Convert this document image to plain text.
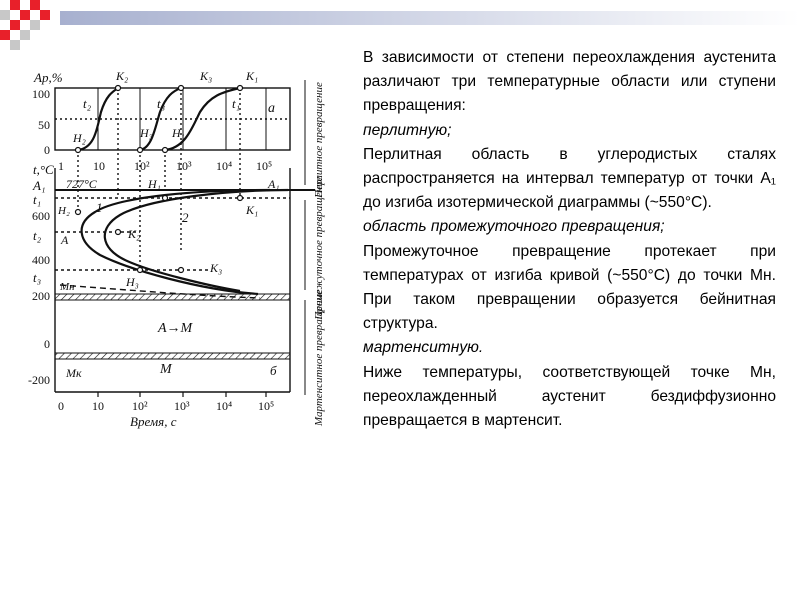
Aр,%
100
50
0
1 10 10² 10³ 10⁴ 10⁵
t₂	t₃	t₁
H₂	H₃ H₁
K₂	K₃	K₁
а
t,°C
A₁
t₁
t₂
t₃
600
400
200
0
-200
727°C	A₁
H₁
H₂
A	K₂
K₁
H₃
K₃
Mн
Mк	M
1
2
A→M
б
0 10 10² 10³ 10⁴ 10⁵
Время, с
Перлитное превращение
Промежуточное превращение
Мартенситное превращение

В зависимости от степени переохлаждения аустенита различают три температурные области или ступени превращения:

перлитную;

Перлитная область в углеродистых сталях распространяется на интервал температур от точки A₁ до изгиба изотермической диаграммы (~550°С).

область промежуточного превращения;

Промежуточное превращение протекает при температурах от изгиба кривой (~550°С) до точки Mн. При таком превращении образуется бейнитная структура.

мартенситную.

Ниже температуры, соответствующей точке Mн, переохлажденный аустенит бездиффузионно превращается в мартенсит.
